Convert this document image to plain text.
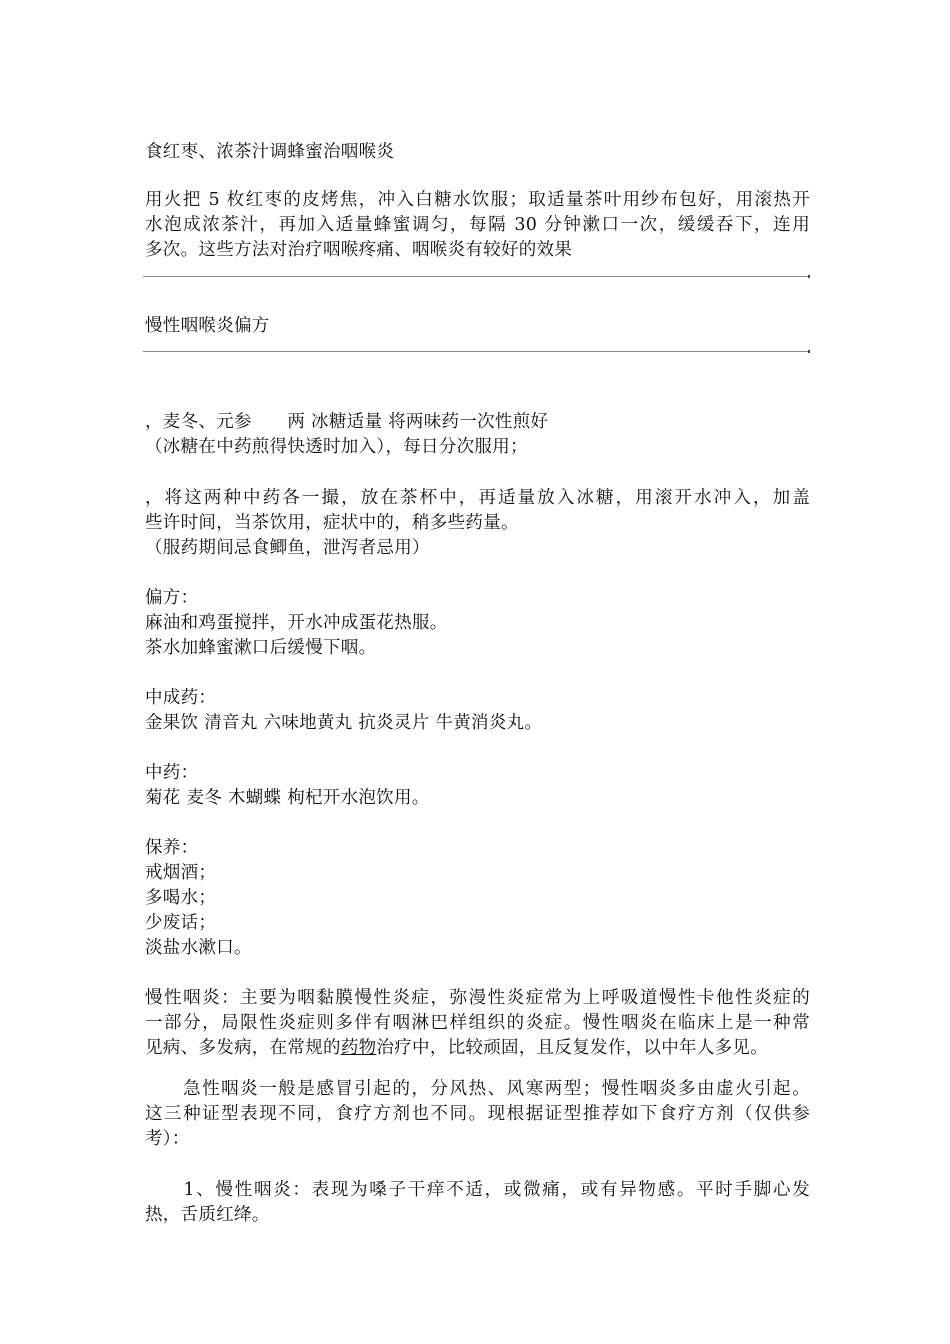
食红枣、浓茶汁调蜂蜜治咽喉炎
用火把 5 枚红枣的皮烤焦，冲入白糖水饮服；取适量茶叶用纱布包好，用滚热开
水泡成浓茶汁，再加入适量蜂蜜调匀，每隔 30 分钟漱口一次，缓缓吞下，连用
多次。这些方法对治疗咽喉疼痛、咽喉炎有较好的效果
慢性咽喉炎偏方
，麦冬、元参　　两 冰糖适量 将两味药一次性煎好
（冰糖在中药煎得快透时加入），每日分次服用；
，将这两种中药各一撮，放在茶杯中，再适量放入冰糖，用滚开水冲入，加盖
些许时间，当茶饮用，症状中的，稍多些药量。
（服药期间忌食鲫鱼，泄泻者忌用）
偏方：
麻油和鸡蛋搅拌，开水冲成蛋花热服。
茶水加蜂蜜漱口后缓慢下咽。
中成药：
金果饮 清音丸 六味地黄丸 抗炎灵片 牛黄消炎丸。
中药：
菊花 麦冬 木蝴蝶 枸杞开水泡饮用。
保养：
戒烟酒；
多喝水；
少废话；
淡盐水漱口。
慢性咽炎：主要为咽黏膜慢性炎症，弥漫性炎症常为上呼吸道慢性卡他性炎症的
一部分，局限性炎症则多伴有咽淋巴样组织的炎症。慢性咽炎在临床上是一种常
见病、多发病，在常规的药物治疗中，比较顽固，且反复发作，以中年人多见。
　　急性咽炎一般是感冒引起的，分风热、风寒两型；慢性咽炎多由虚火引起。
这三种证型表现不同，食疗方剂也不同。现根据证型推荐如下食疗方剂（仅供参
考）：
　　1、慢性咽炎：表现为嗓子干痒不适，或微痛，或有异物感。平时手脚心发
热，舌质红绛。
